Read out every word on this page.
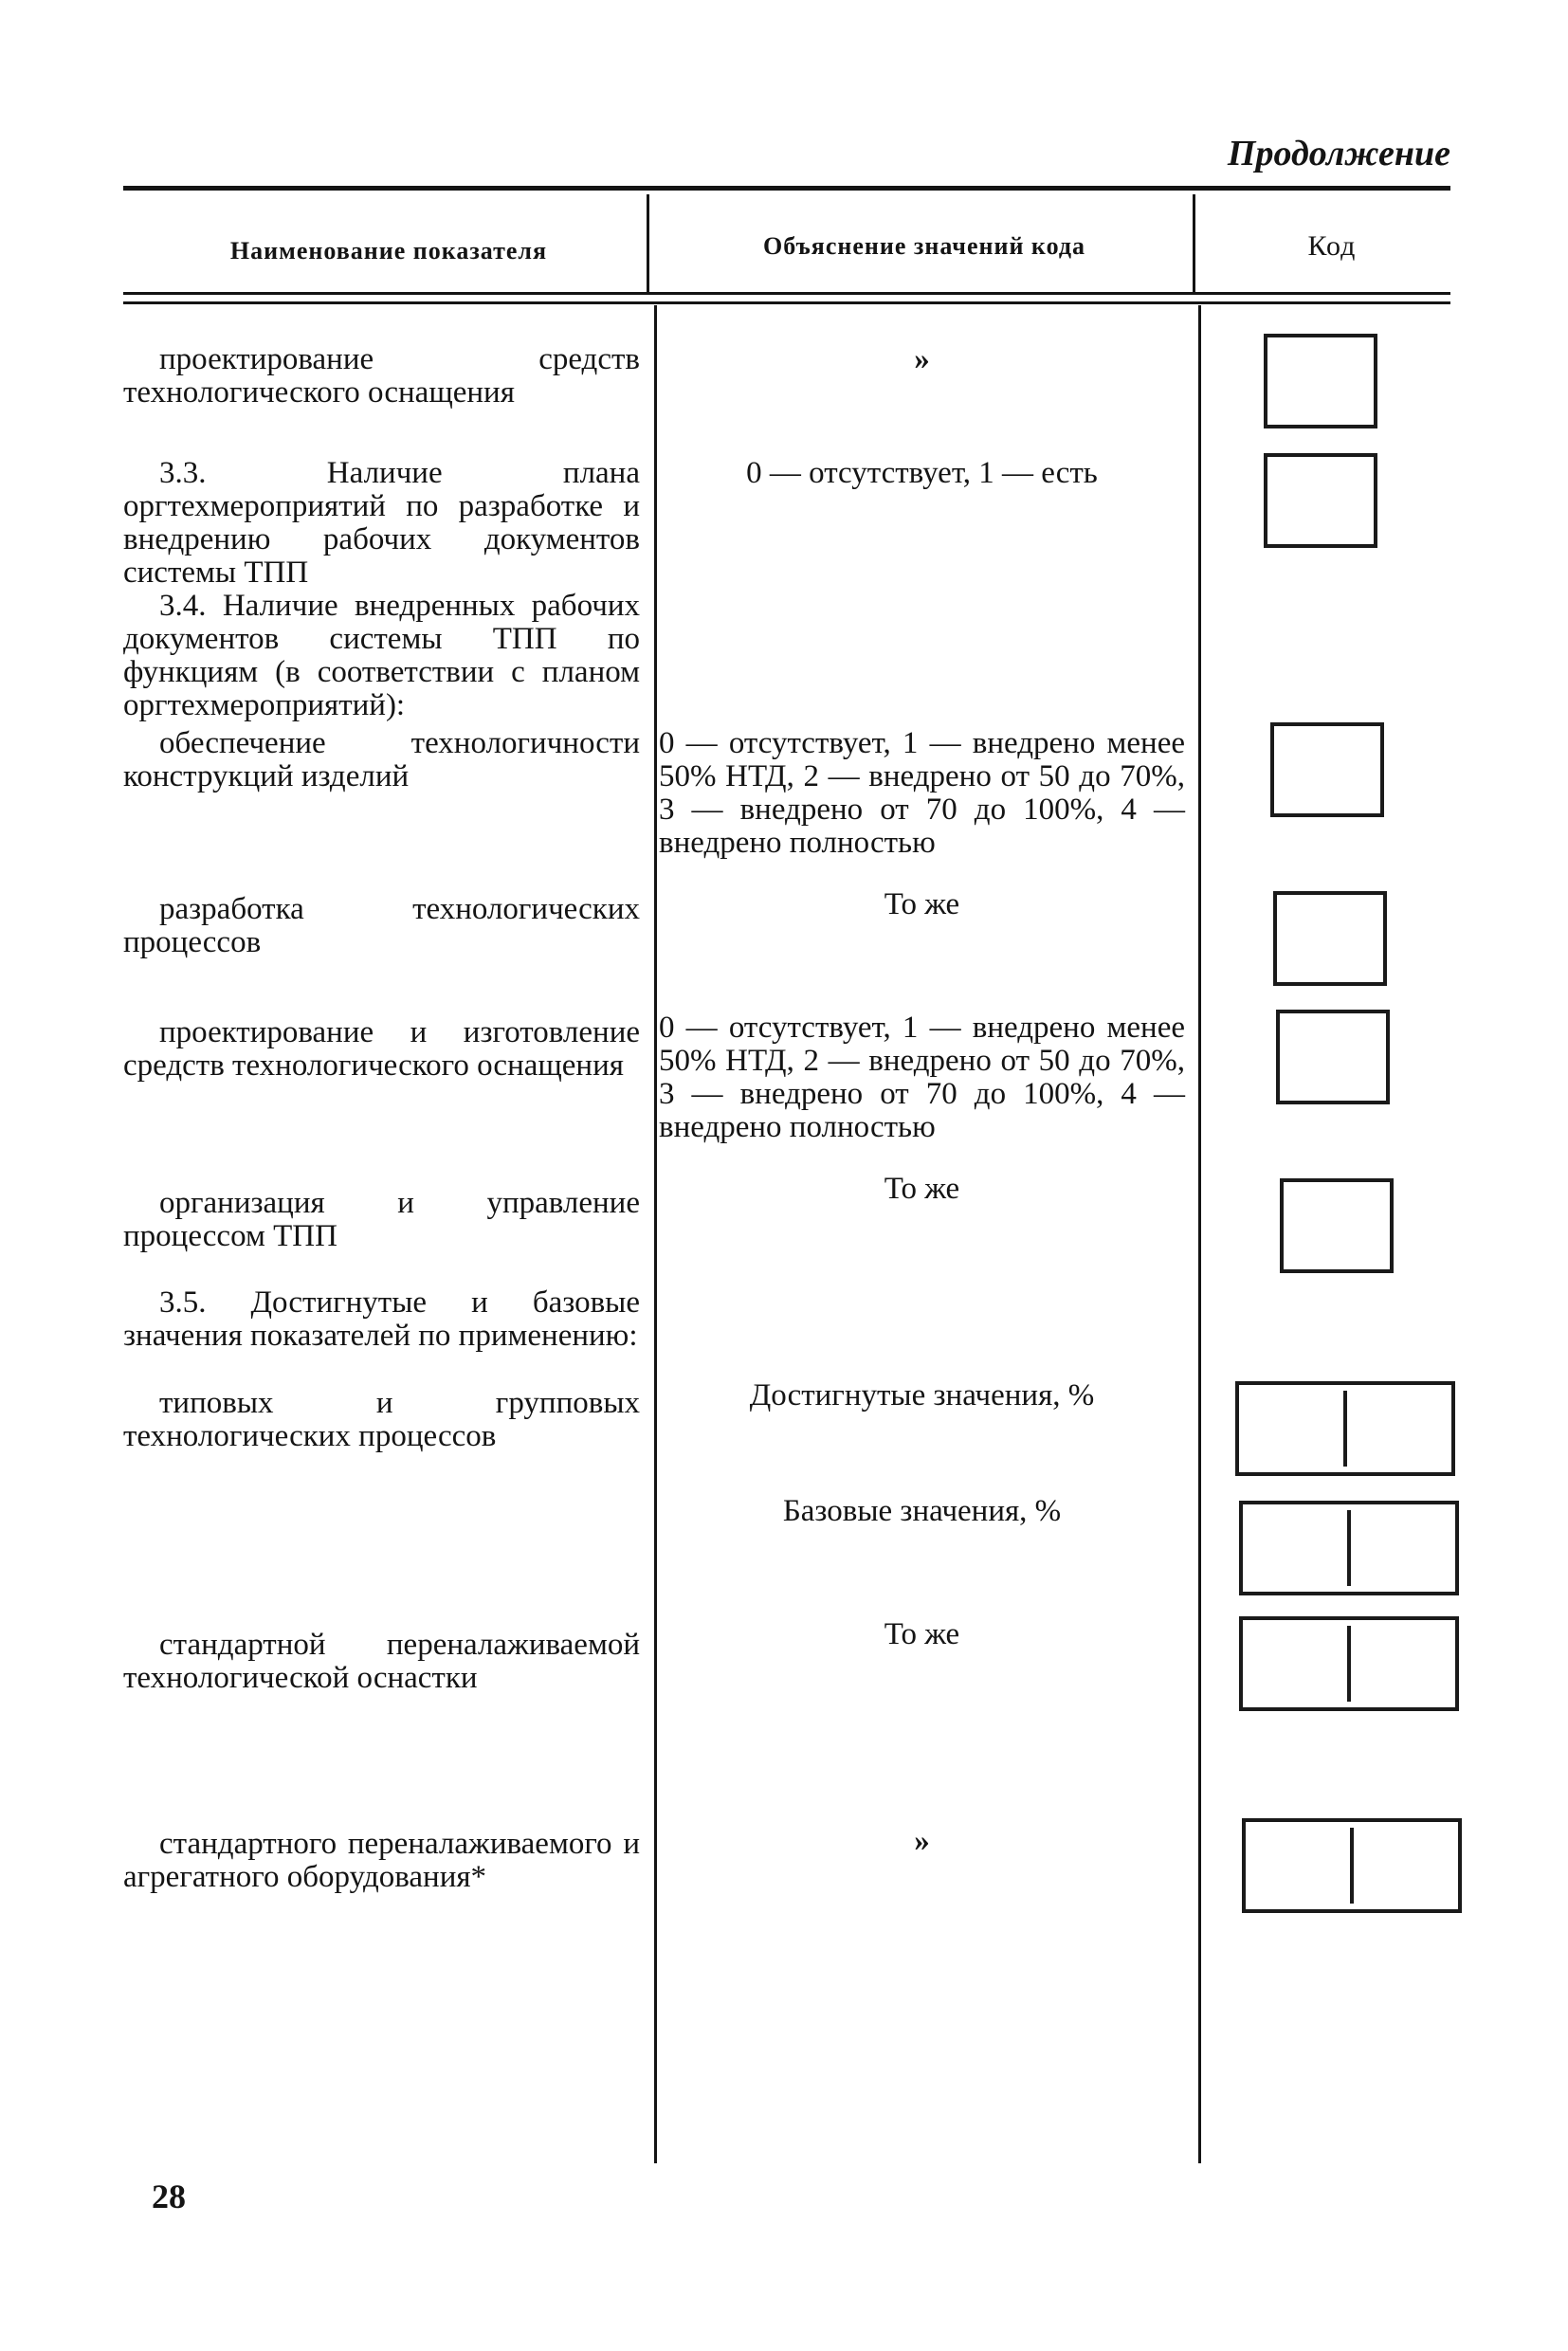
Продолжение
Наименование показателя	Объяснение значений кода	Код
проектирование средств технологического оснащения
3.3. Наличие плана оргтехмероприятий по разработке и внедрению рабочих документов системы ТПП
3.4. Наличие внедренных рабочих документов системы ТПП по функциям (в соответствии с планом оргтехмероприятий):
обеспечение технологичности конструкций изделий
разработка технологических процессов
проектирование и изготовление средств технологического оснащения
организация и управление процессом ТПП
3.5. Достигнутые и базовые значения показателей по применению:
типовых и групповых технологических процессов
стандартной переналаживаемой технологической оснастки
стандартного переналаживаемого и агрегатного оборудования*
»
0 — отсутствует, 1 — есть
0 — отсутствует, 1 — внедрено менее 50% НТД, 2 — внедрено от 50 до 70%, 3 — внедрено от 70 до 100%, 4 — внедрено полностью
То же
0 — отсутствует, 1 — внедрено менее 50% НТД, 2 — внедрено от 50 до 70%, 3 — внедрено от 70 до 100%, 4 — внедрено полностью
То же
Достигнутые значения, %
Базовые значения, %
То же
»
28
